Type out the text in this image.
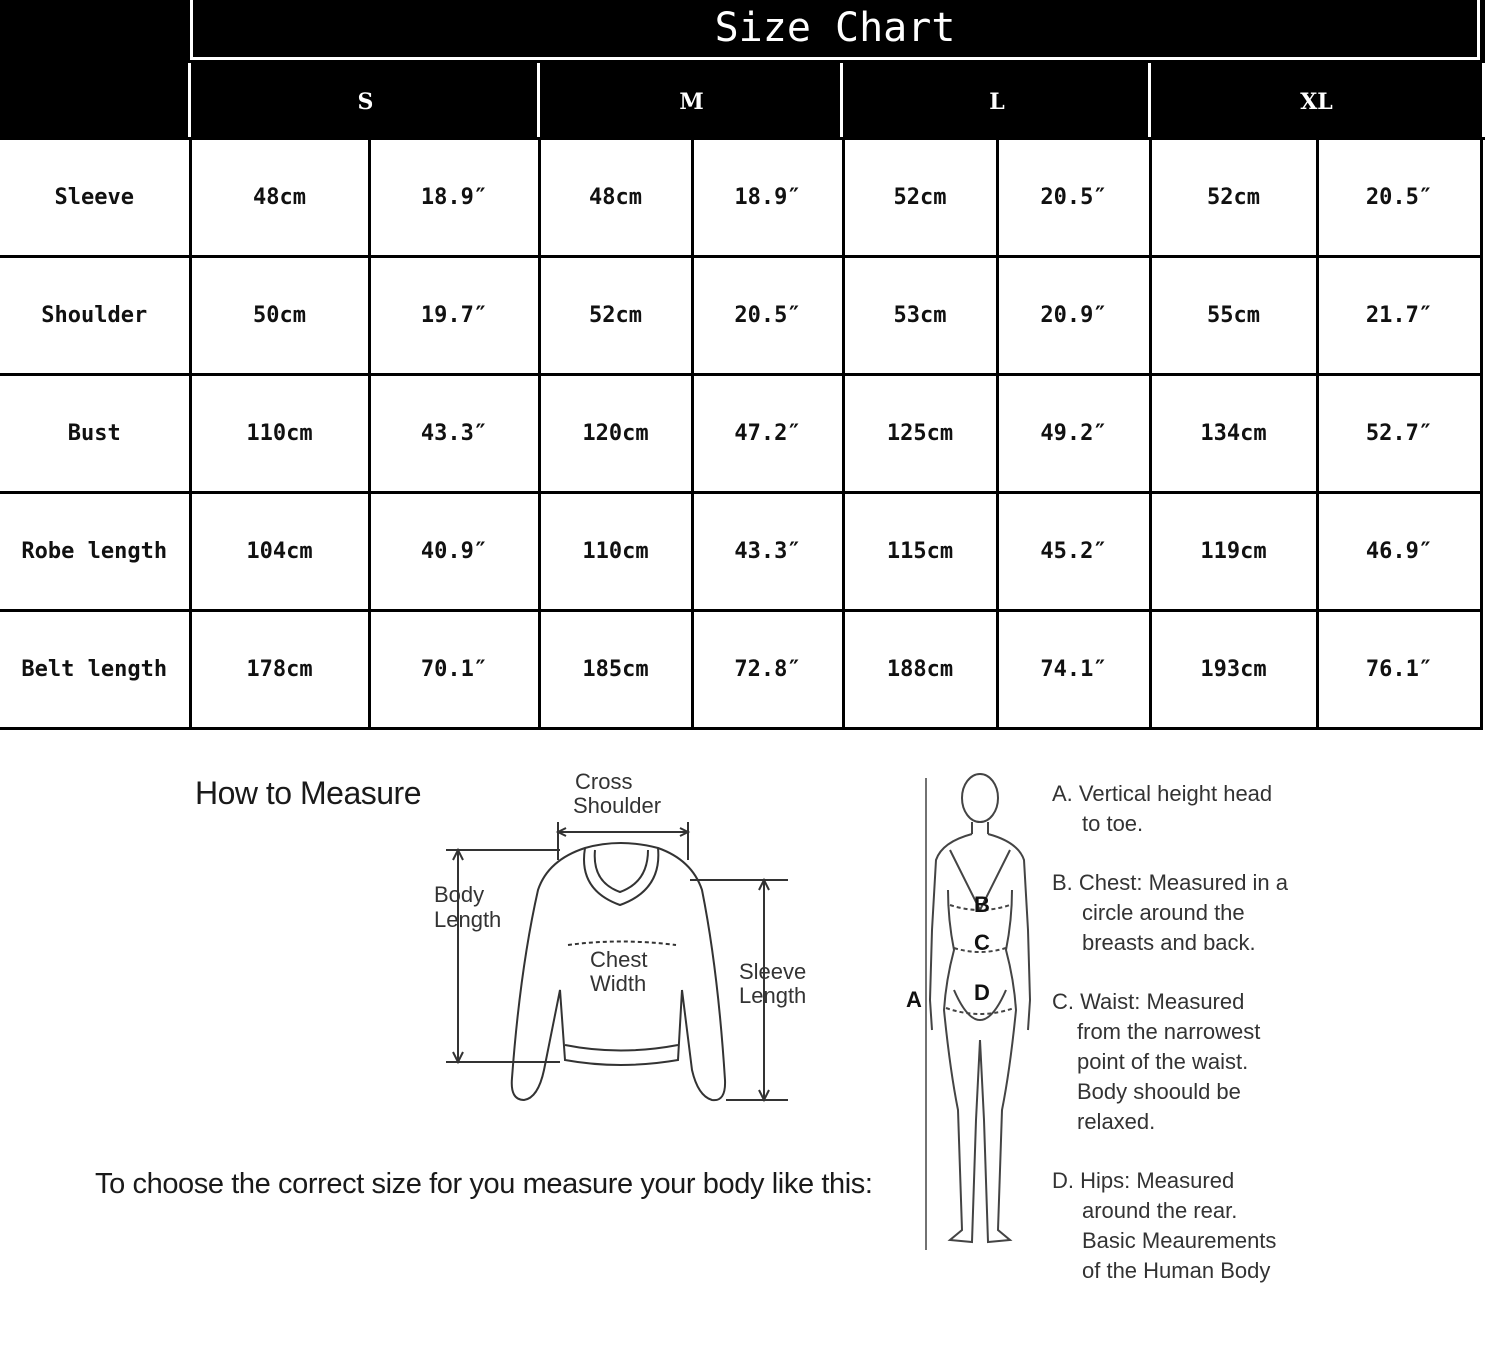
Size Chart
S	M	L	XL
Sleeve	48cm	18.9″	48cm	18.9″	52cm	20.5″	52cm	20.5″
Shoulder	50cm	19.7″	52cm	20.5″	53cm	20.9″	55cm	21.7″
Bust	110cm	43.3″	120cm	47.2″	125cm	49.2″	134cm	52.7″
Robe length	104cm	40.9″	110cm	43.3″	115cm	45.2″	119cm	46.9″
Belt length	178cm	70.1″	185cm	72.8″	188cm	74.1″	193cm	76.1″
How to Measure
To choose the correct size for you measure your body like this:
Cross
Shoulder
Body
Length
Chest
Width	Sleeve
Length
B
C
D
A
A. Vertical height head
to toe.
B. Chest: Measured in a
circle around the
breasts and back.
C. Waist: Measured
from the narrowest
point of the waist.
Body shoould be
relaxed.
D. Hips: Measured
around the rear.
Basic Meaurements
of the Human Body
